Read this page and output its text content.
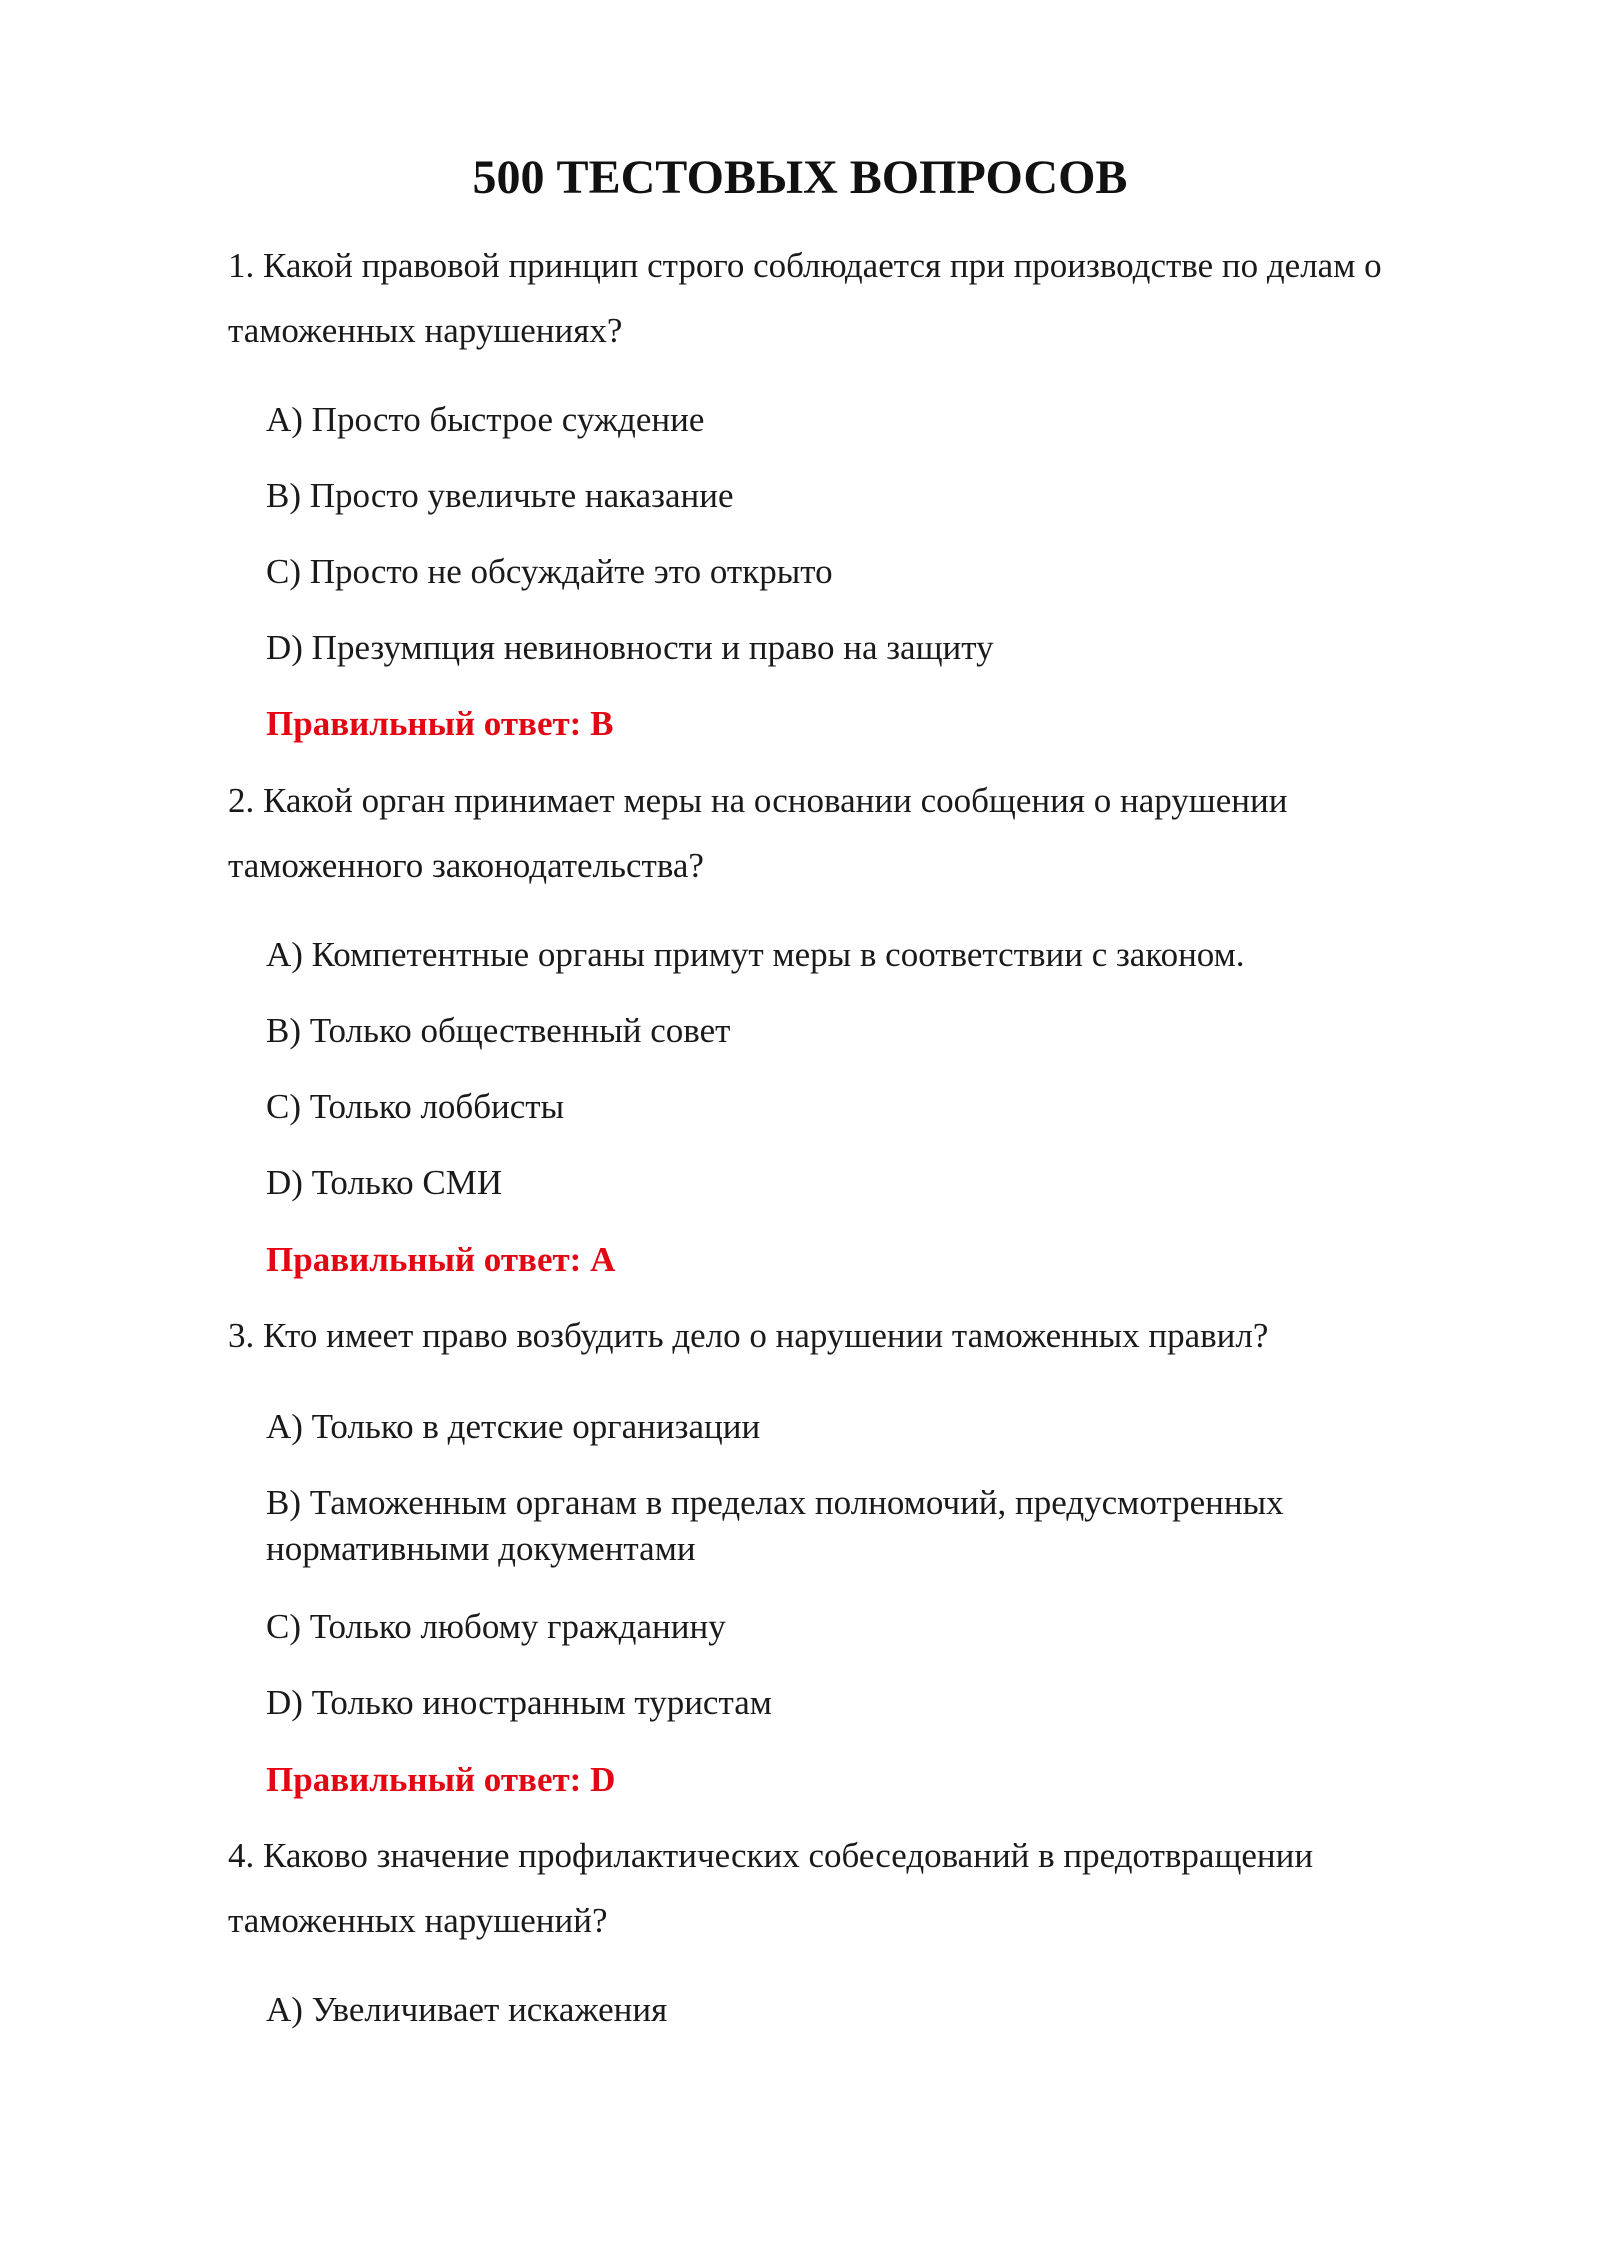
500 ТЕСТОВЫХ ВОПРОСОВ
1. Какой правовой принцип строго соблюдается при производстве по делам о таможенных нарушениях?
A) Просто быстрое суждение
B) Просто увеличьте наказание
C) Просто не обсуждайте это открыто
D) Презумпция невиновности и право на защиту
Правильный ответ: B
2. Какой орган принимает меры на основании сообщения о нарушении таможенного законодательства?
A) Компетентные органы примут меры в соответствии с законом.
B) Только общественный совет
C) Только лоббисты
D) Только СМИ
Правильный ответ: A
3. Кто имеет право возбудить дело о нарушении таможенных правил?
A) Только в детские организации
B) Таможенным органам в пределах полномочий, предусмотренных нормативными документами
C) Только любому гражданину
D) Только иностранным туристам
Правильный ответ: D
4. Каково значение профилактических собеседований в предотвращении таможенных нарушений?
A) Увеличивает искажения
